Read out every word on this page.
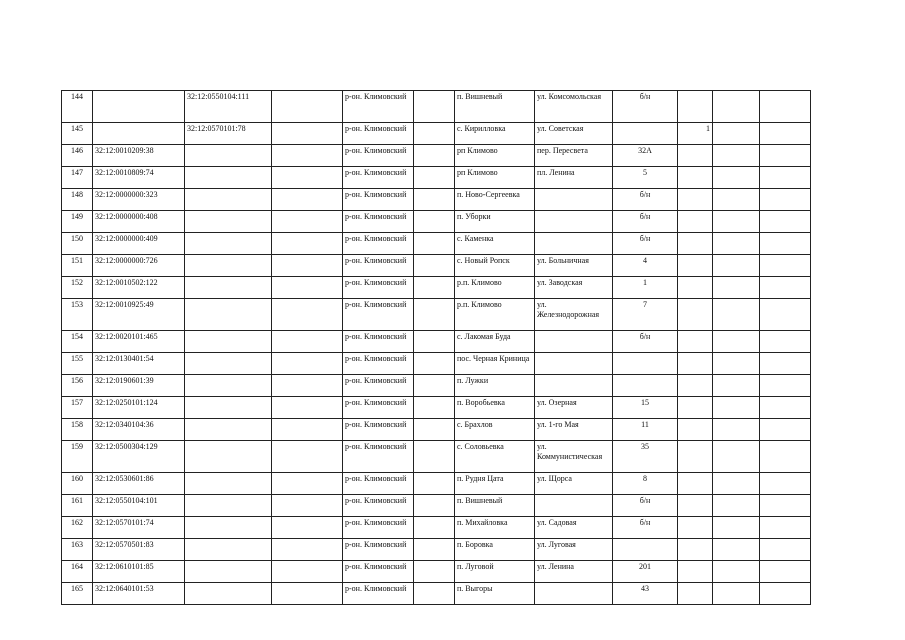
144		32:12:0550104:111		р-он. Климовский		п. Вишневый	ул. Комсомольская	б/н			
145		32:12:0570101:78		р-он. Климовский		с. Кирилловка	ул. Советская		1		
146	32:12:0010209:38			р-он. Климовский		рп Климово	пер. Пересвета	32А			
147	32:12:0010809:74			р-он. Климовский		рп Климово	пл. Ленина	5			
148	32:12:0000000:323			р-он. Климовский		п. Ново-Сергеевка		б/н			
149	32:12:0000000:408			р-он. Климовский		п. Уборки		б/н			
150	32:12:0000000:409			р-он. Климовский		с. Каменка		б/н			
151	32:12:0000000:726			р-он. Климовский		с. Новый Ропск	ул. Больничная	4			
152	32:12:0010502:122			р-он. Климовский		р.п. Климово	ул. Заводская	1			
153	32:12:0010925:49			р-он. Климовский		р.п. Климово	ул. Железнодорожная	7			
154	32:12:0020101:465			р-он. Климовский		с. Лакомая Буда		б/н			
155	32:12:0130401:54			р-он. Климовский		пос. Черная Криница					
156	32:12:0190601:39			р-он. Климовский		п. Лужки					
157	32:12:0250101:124			р-он. Климовский		п. Воробьевка	ул. Озерная	15			
158	32:12:0340104:36			р-он. Климовский		с. Брахлов	ул. 1-го Мая	11			
159	32:12:0500304:129			р-он. Климовский		с. Соловьевка	ул. Коммунистическая	35			
160	32:12:0530601:86			р-он. Климовский		п. Рудня Цата	ул. Щорса	8			
161	32:12:0550104:101			р-он. Климовский		п. Вишневый		б/н			
162	32:12:0570101:74			р-он. Климовский		п. Михайловка	ул. Садовая	б/н			
163	32:12:0570501:83			р-он. Климовский		п. Боровка	ул. Луговая				
164	32:12:0610101:85			р-он. Климовский		п. Луговой	ул. Ленина	201			
165	32:12:0640101:53			р-он. Климовский		п. Выгоры		43			
